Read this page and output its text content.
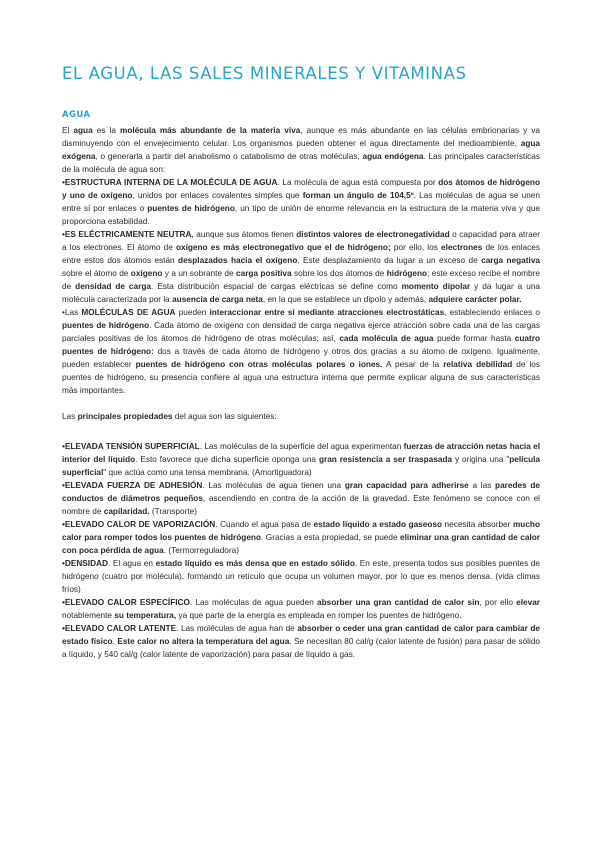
EL AGUA, LAS SALES MINERALES Y VITAMINAS
AGUA

El agua es la molécula más abundante de la materia viva, aunque es más abundante en las células embrionarias y va disminuyendo con el envejecimiento celular. Los organismos pueden obtener el agua directamente del medioambiente, agua exógena, o generarla a partir del anabolismo o catabolismo de otras moléculas, agua endógena. Las principales características de la molécula de agua son:

•ESTRUCTURA INTERNA DE LA MOLÉCULA DE AGUA. La molécula de agua está compuesta por dos átomos de hidrógeno y uno de oxígeno, unidos por enlaces covalentes simples que forman un ángulo de 104,5º. Las moléculas de agua se unen entre sí por enlaces o puentes de hidrógeno, un tipo de unión de enorme relevancia en la estructura de la materia viva y que proporciona estabilidad.

•ES ELÉCTRICAMENTE NEUTRA, aunque sus átomos tienen distintos valores de electronegatividad o capacidad para atraer a los electrones. El átomo de oxígeno es más electronegativo que el de hidrógeno; por ello, los electrones de los enlaces entre estos dos átomos están desplazados hacia el oxígeno. Este desplazamiento da lugar a un exceso de carga negativa sobre el átomo de oxígeno y a un sobrante de carga positiva sobre los dos átomos de hidrógeno; este exceso recibe el nombre de densidad de carga. Esta distribución espacial de cargas eléctricas se define como momento dipolar y da lugar a una molécula caracterizada por la ausencia de carga neta, en la que se establece un dipolo y además, adquiere carácter polar.

•Las MOLÉCULAS DE AGUA pueden interaccionar entre sí mediante atracciones electrostáticas, estableciendo enlaces o puentes de hidrógeno. Cada átomo de oxígeno con densidad de carga negativa ejerce atracción sobre cada una de las cargas parciales positivas de los átomos de hidrógeno de otras moléculas; así, cada molécula de agua puede formar hasta cuatro puentes de hidrógeno: dos a través de cada átomo de hidrógeno y otros dos gracias a su átomo de oxígeno. Igualmente, pueden establecer puentes de hidrógeno con otras moléculas polares o iones. A pesar de la relativa debilidad de los puentes de hidrógeno, su presencia confiere al agua una estructura interna que permite explicar alguna de sus características más importantes.

Las principales propiedades del agua son las siguientes:

•ELEVADA TENSIÓN SUPERFICIAL. Las moléculas de la superficie del agua experimentan fuerzas de atracción netas hacia el interior del líquido. Esto favorece que dicha superficie oponga una gran resistencia a ser traspasada y origina una "película superficial" que actúa como una tensa membrana. (Amortiguadora)

•ELEVADA FUERZA DE ADHESIÓN. Las moléculas de agua tienen una gran capacidad para adherirse a las paredes de conductos de diámetros pequeños, ascendiendo en contra de la acción de la gravedad. Este fenómeno se conoce con el nombre de capilaridad. (Transporte)

•ELEVADO CALOR DE VAPORIZACIÓN. Cuando el agua pasa de estado líquido a estado gaseoso necesita absorber mucho calor para romper todos los puentes de hidrógeno. Gracias a esta propiedad, se puede eliminar una gran cantidad de calor con poca pérdida de agua. (Termorreguladora)

•DENSIDAD. El agua en estado líquido es más densa que en estado sólido. En este, presenta todos sus posibles puentes de hidrógeno (cuatro por molécula), formando un retículo que ocupa un volumen mayor, por lo que es menos densa. (vida climas fríos)

•ELEVADO CALOR ESPECÍFICO. Las moléculas de agua pueden absorber una gran cantidad de calor sin, por ello elevar notablemente su temperatura, ya que parte de la energía es empleada en romper los puentes de hidrógeno.

•ELEVADO CALOR LATENTE. Las moléculas de agua han de absorber o ceder una gran cantidad de calor para cambiar de estado físico. Este calor no altera la temperatura del agua. Se necesitan 80 cal/g (calor latente de fusión) para pasar de sólido a líquido, y 540 cal/g (calor latente de vaporización) para pasar de líquido a gas.
